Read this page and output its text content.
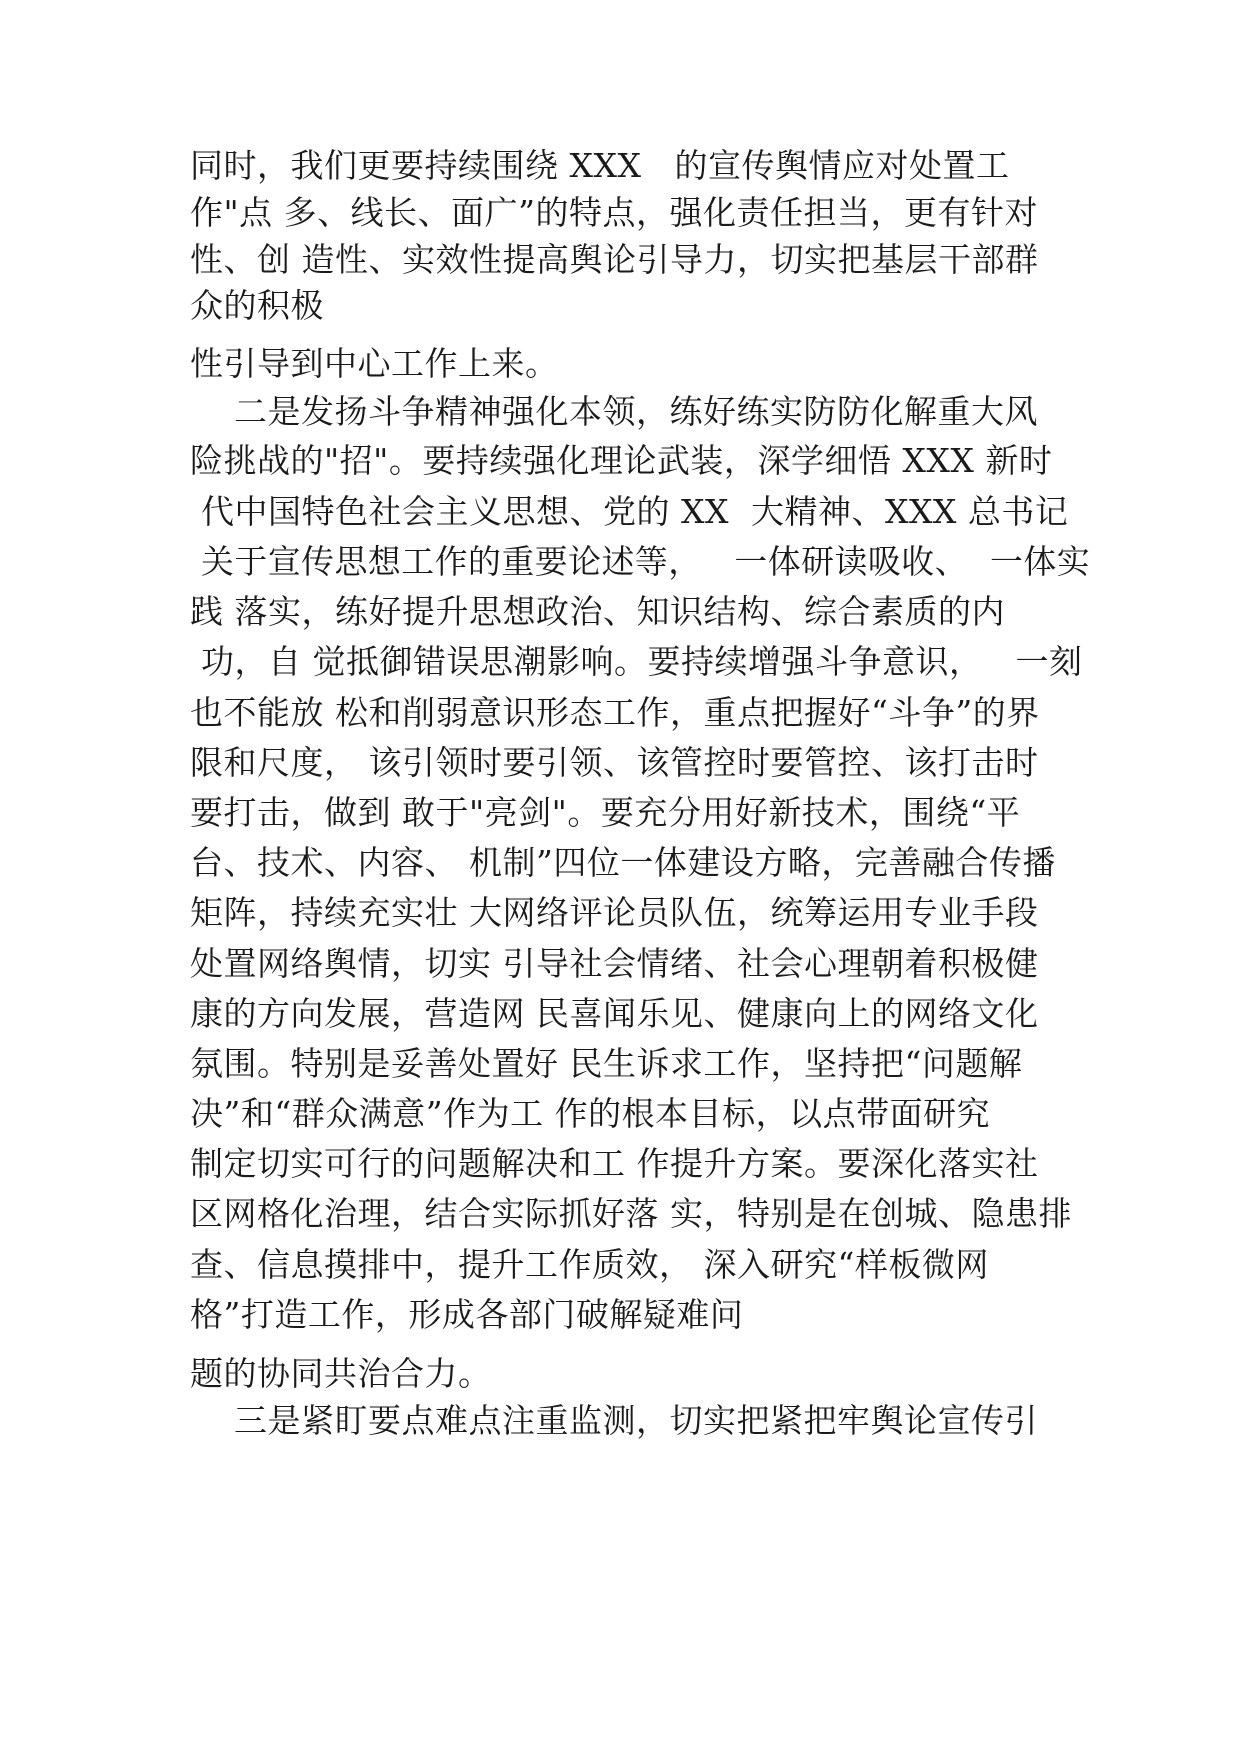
同时，我们更要持续围绕 XXX   的宣传舆情应对处置工

作"点 多、线长、面广”的特点，强化责任担当，更有针对

性、创 造性、实效性提高舆论引导力，切实把基层干部群

众的积极

性引导到中心工作上来。

二是发扬斗争精神强化本领，练好练实防防化解重大风

险挑战的"招"。要持续强化理论武装，深学细悟 XXX 新时

代中国特色社会主义思想、党的 XX  大精神、XXX 总书记

关于宣传思想工作的重要论述等，   一体研读吸收、  一体实

践 落实，练好提升思想政治、知识结构、综合素质的内

功，自 觉抵御错误思潮影响。要持续增强斗争意识，   一刻

也不能放 松和削弱意识形态工作，重点把握好“斗争”的界

限和尺度， 该引领时要引领、该管控时要管控、该打击时

要打击，做到 敢于"亮剑"。要充分用好新技术，围绕“平

台、技术、内容、 机制”四位一体建设方略，完善融合传播

矩阵，持续充实壮 大网络评论员队伍，统筹运用专业手段

处置网络舆情，切实 引导社会情绪、社会心理朝着积极健

康的方向发展，营造网 民喜闻乐见、健康向上的网络文化

氛围。特别是妥善处置好 民生诉求工作，坚持把“问题解

决”和“群众满意”作为工 作的根本目标，以点带面研究

制定切实可行的问题解决和工 作提升方案。要深化落实社

区网格化治理，结合实际抓好落 实，特别是在创城、隐患排

查、信息摸排中，提升工作质效， 深入研究“样板微网

格”打造工作，形成各部门破解疑难问

题的协同共治合力。

三是紧盯要点难点注重监测，切实把紧把牢舆论宣传引
